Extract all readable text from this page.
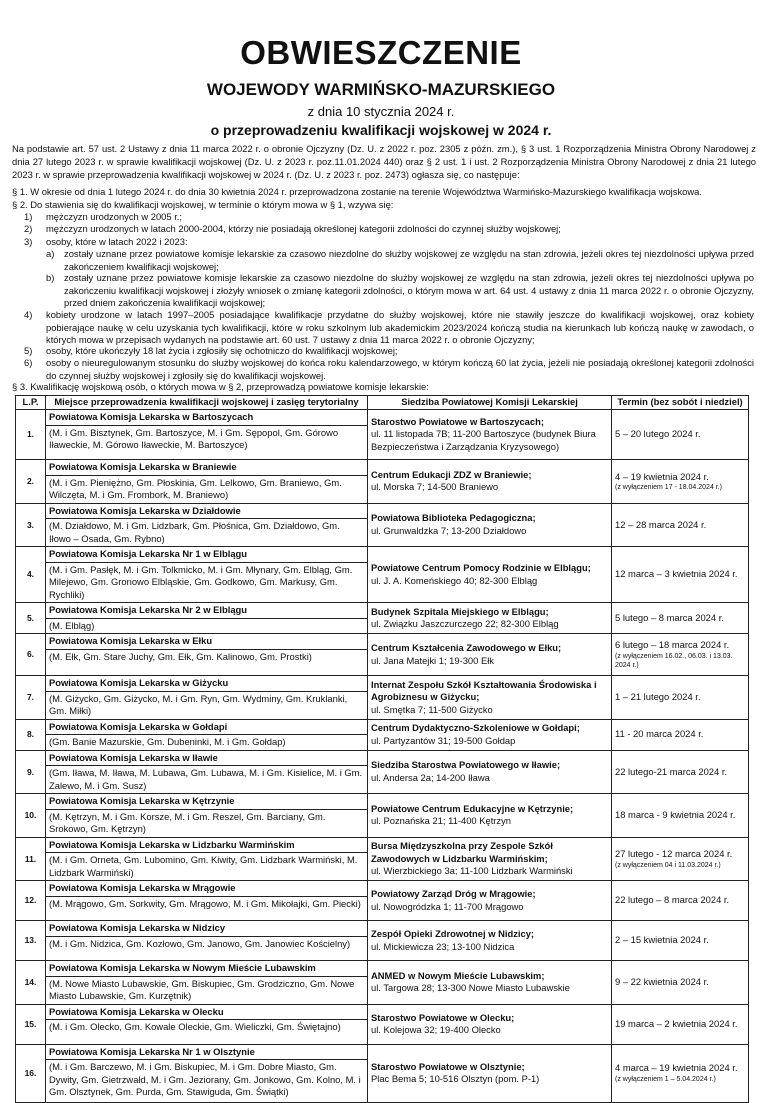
OBWIESZCZENIE
WOJEWODY WARMIŃSKO-MAZURSKIEGO
z dnia 10 stycznia 2024 r.
o przeprowadzeniu kwalifikacji wojskowej w 2024 r.
Na podstawie art. 57 ust. 2 Ustawy z dnia 11 marca 2022 r. o obronie Ojczyzny (Dz. U. z 2022 r. poz. 2305 z późn. zm.), § 3 ust. 1 Rozporządzenia Ministra Obrony Narodowej z dnia 27 lutego 2023 r. w sprawie kwalifikacji wojskowej (Dz. U. z 2023 r. poz.11.01.2024 440) oraz § 2 ust. 1 i ust. 2 Rozporządzenia Ministra Obrony Narodowej z dnia 21 lutego 2023 r. w sprawie przeprowadzenia kwalifikacji wojskowej w 2024 r. (Dz. U. z 2023 r. poz. 2473) ogłasza się, co następuje:
§ 1. W okresie od dnia 1 lutego 2024 r. do dnia 30 kwietnia 2024 r. przeprowadzona zostanie na terenie Województwa Warmińsko-Mazurskiego kwalifikacja wojskowa.
§ 2. Do stawienia się do kwalifikacji wojskowej, w terminie o którym mowa w § 1, wzywa się:
1) mężczyzn urodzonych w 2005 r.;
2) mężczyzn urodzonych w latach 2000-2004, którzy nie posiadają określonej kategorii zdolności do czynnej służby wojskowej;
3) osoby, które w latach 2022 i 2023:
a) zostały uznane przez powiatowe komisje lekarskie za czasowo niezdolne do służby wojskowej ze względu na stan zdrowia, jeżeli okres tej niezdolności upływa przed zakończeniem kwalifikacji wojskowej;
b) zostały uznane przez powiatowe komisje lekarskie za czasowo niezdolne do służby wojskowej ze względu na stan zdrowia, jeżeli okres tej niezdolności upływa po zakończeniu kwalifikacji wojskowej i złożyły wniosek o zmianę kategorii zdolności, o którym mowa w art. 64 ust. 4 ustawy z dnia 11 marca 2022 r. o obronie Ojczyzny, przed dniem zakończenia kwalifikacji wojskowej;
4) kobiety urodzone w latach 1997–2005 posiadające kwalifikacje przydatne do służby wojskowej, które nie stawiły jeszcze do kwalifikacji wojskowej, oraz kobiety pobierające naukę w celu uzyskania tych kwalifikacji, które w roku szkolnym lub akademickim 2023/2024 kończą studia na kierunkach lub kończą naukę w zawodach, o których mowa w przepisach wydanych na podstawie art. 60 ust. 7 ustawy z dnia 11 marca 2022 r. o obronie Ojczyzny;
5) osoby, które ukończyły 18 lat życia i zgłosiły się ochotniczo do kwalifikacji wojskowej;
6) osoby o nieuregulowanym stosunku do służby wojskowej do końca roku kalendarzowego, w którym kończą 60 lat życia, jeżeli nie posiadają określonej kategorii zdolności do czynnej służby wojskowej i zgłosiły się do kwalifikacji wojskowej.
§ 3. Kwalifikację wojskową osób, o których mowa w § 2, przeprowadzą powiatowe komisje lekarskie:
L.P.	Miejsce przeprowadzenia kwalifikacji wojskowej i zasięg terytorialny	Siedziba Powiatowej Komisji Lekarskiej	Termin (bez sobót i niedziel)
1.	Powiatowa Komisja Lekarska w Bartoszycach
(M. i Gm. Bisztynek, Gm. Bartoszyce, M. i Gm. Sępopol, Gm. Górowo Iławeckie, M. Górowo Iławeckie, M. Bartoszyce)	Starostwo Powiatowe w Bartoszycach;
ul. 11 listopada 7B; 11-200 Bartoszyce (budynek Biura Bezpieczeństwa i Zarządzania Kryzysowego)	5 – 20 lutego 2024 r.

2.	Powiatowa Komisja Lekarska w Braniewie
(M. i Gm. Pieniężno, Gm. Płoskinia, Gm. Lelkowo, Gm. Braniewo, Gm. Wilczęta, M. i Gm. Frombork, M. Braniewo)	Centrum Edukacji ZDZ w Braniewie;
ul. Morska 7; 14-500 Braniewo	4 – 19 kwietnia 2024 r.
(z wyłączeniem 17 - 18.04.2024 r.)

3.	Powiatowa Komisja Lekarska w Działdowie
(M. Działdowo, M. i Gm. Lidzbark, Gm. Płośnica, Gm. Działdowo, Gm. Iłowo – Osada, Gm. Rybno)	Powiatowa Biblioteka Pedagogiczna;
ul. Grunwaldzka 7; 13-200 Działdowo	12 – 28 marca 2024 r.

4.	Powiatowa Komisja Lekarska Nr 1 w Elblągu
(M. i Gm. Pasłęk, M. i Gm. Tolkmicko, M. i Gm. Młynary, Gm. Elbląg, Gm. Milejewo, Gm. Gronowo Elbląskie, Gm. Godkowo, Gm. Markusy, Gm. Rychliki)	Powiatowe Centrum Pomocy Rodzinie w Elblągu;
ul. J. A. Komeńskiego 40; 82-300 Elbląg	12 marca – 3 kwietnia 2024 r.

5.	Powiatowa Komisja Lekarska Nr 2 w Elblągu
(M. Elbląg)	Budynek Szpitala Miejskiego w Elblągu;
ul. Związku Jaszczurczego 22; 82-300 Elbląg	5 lutego – 8 marca 2024 r.

6.	Powiatowa Komisja Lekarska w Ełku
(M. Ełk, Gm. Stare Juchy, Gm. Ełk, Gm. Kalinowo, Gm. Prostki)	Centrum Kształcenia Zawodowego w Ełku;
ul. Jana Matejki 1; 19-300 Ełk	6 lutego – 18 marca 2024 r.
(z wyłączeniem 16.02., 06.03. i 13.03. 2024 r.)

7.	Powiatowa Komisja Lekarska w Giżycku
(M. Giżycko, Gm. Giżycko, M. i Gm. Ryn, Gm. Wydminy, Gm. Kruklanki, Gm. Miłki)	Internat Zespołu Szkół Kształtowania Środowiska i Agrobiznesu w Giżycku;
ul. Smętka 7; 11-500 Giżycko	1 – 21 lutego 2024 r.

8.	Powiatowa Komisja Lekarska w Gołdapi
(Gm. Banie Mazurskie, Gm. Dubeninki, M. i Gm. Gołdap)	Centrum Dydaktyczno-Szkoleniowe w Gołdapi;
ul. Partyzantów 31; 19-500 Gołdap	11 - 20 marca 2024 r.

9.	Powiatowa Komisja Lekarska w Iławie
(Gm. Iława, M. Iława, M. Lubawa, Gm. Lubawa, M. i Gm. Kisielice, M. i Gm. Zalewo, M. i Gm. Susz)	Siedziba Starostwa Powiatowego w Iławie;
ul. Andersa 2a; 14-200 Iława	22 lutego-21 marca 2024 r.

10.	Powiatowa Komisja Lekarska w Kętrzynie
(M. Kętrzyn, M. i Gm. Korsze, M. i Gm. Reszel, Gm. Barciany, Gm. Srokowo, Gm. Kętrzyn)	Powiatowe Centrum Edukacyjne w Kętrzynie;
ul. Poznańska 21; 11-400 Kętrzyn	18 marca - 9 kwietnia 2024 r.

11.	Powiatowa Komisja Lekarska w Lidzbarku Warmińskim
(M. i Gm. Orneta, Gm. Lubomino, Gm. Kiwity, Gm. Lidzbark Warmiński, M. Lidzbark Warmiński)	Bursa Międzyszkolna przy Zespole Szkół Zawodowych w Lidzbarku Warmińskim;
ul. Wierzbickiego 3a; 11-100 Lidzbark Warmiński	27 lutego - 12 marca 2024 r.
(z wyłączeniem 04 i 11.03.2024 r.)

12.	Powiatowa Komisja Lekarska w Mrągowie
(M. Mrągowo, Gm. Sorkwity, Gm. Mrągowo, M. i Gm. Mikołajki, Gm. Piecki)	Powiatowy Zarząd Dróg w Mrągowie;
ul. Nowogródzka 1; 11-700 Mrągowo	22 lutego – 8 marca 2024 r.

13.	Powiatowa Komisja Lekarska w Nidzicy
(M. i Gm. Nidzica, Gm. Kozłowo, Gm. Janowo, Gm. Janowiec Kościelny)	Zespół Opieki Zdrowotnej w Nidzicy;
ul. Mickiewicza 23; 13-100 Nidzica	2 – 15 kwietnia 2024 r.

14.	Powiatowa Komisja Lekarska w Nowym Mieście Lubawskim
(M. Nowe Miasto Lubawskie, Gm. Biskupiec, Gm. Grodziczno, Gm. Nowe Miasto Lubawskie, Gm. Kurzętnik)	ANMED w Nowym Mieście Lubawskim;
ul. Targowa 28; 13-300 Nowe Miasto Lubawskie	9 – 22 kwietnia 2024 r.

15.	Powiatowa Komisja Lekarska w Olecku
(M. i Gm. Olecko, Gm. Kowale Oleckie, Gm. Wieliczki, Gm. Świętajno)	Starostwo Powiatowe w Olecku;
ul. Kolejowa 32; 19-400 Olecko	19 marca – 2 kwietnia 2024 r.

16.	Powiatowa Komisja Lekarska Nr 1 w Olsztynie
(M. i Gm. Barczewo, M. i Gm. Biskupiec, M. i Gm. Dobre Miasto, Gm. Dywity, Gm. Gietrzwałd, M. i Gm. Jeziorany, Gm. Jonkowo, Gm. Kolno, M. i Gm. Olsztynek, Gm. Purda, Gm. Stawiguda, Gm. Świątki)	Starostwo Powiatowe w Olsztynie;
Plac Bema 5; 10-516 Olsztyn (pom. P-1)	4 marca – 19 kwietnia 2024 r.
(z wyłączeniem 1 – 5.04.2024 r.)
